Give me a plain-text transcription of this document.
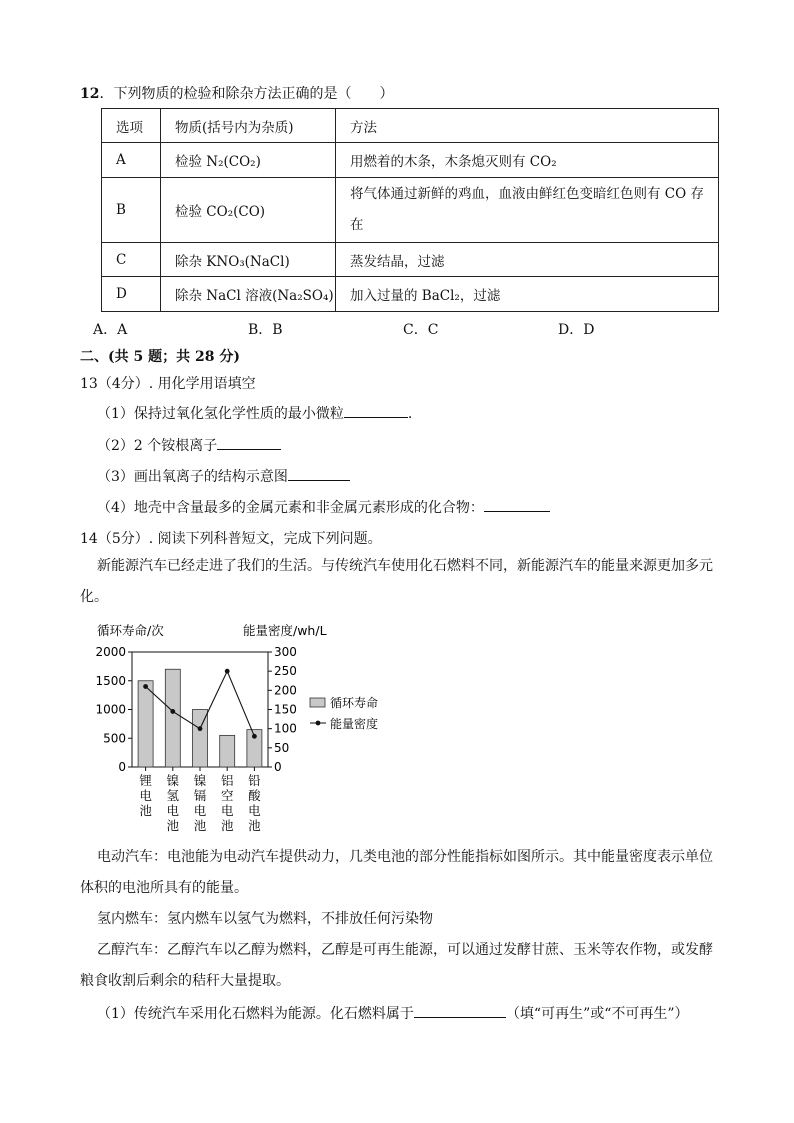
12．下列物质的检验和除杂方法正确的是（　　）
选项	物质(括号内为杂质)	方法
A	检验 N₂(CO₂)	用燃着的木条，木条熄灭则有 CO₂
B	检验 CO₂(CO)	将气体通过新鲜的鸡血，血液由鲜红色变暗红色则有 CO 存在
C	除杂 KNO₃(NaCl)	蒸发结晶，过滤
D	除杂 NaCl 溶液(Na₂SO₄)	加入过量的 BaCl₂，过滤
A．A	B．B	C．C	D．D
二、(共 5 题；共 28 分)
13（4分）. 用化学用语填空
（1）保持过氧化氢化学性质的最小微粒	.
（2）2 个铵根离子
（3）画出氧离子的结构示意图
（4）地壳中含量最多的金属元素和非金属元素形成的化合物：
14（5分）. 阅读下列科普短文，完成下列问题。
新能源汽车已经走进了我们的生活。与传统汽车使用化石燃料不同，新能源汽车的能量来源更加多元化。
循环寿命/次	能量密度/wh/L
0
500
1000
1500
2000
0
50
100
150
200
250
300
锂
电
池
镍
氢
电
池
镍
镉
电
池
铝
空
电
池
铅
酸
电
池
循环寿命
能量密度
电动汽车：电池能为电动汽车提供动力，几类电池的部分性能指标如图所示。其中能量密度表示单位体积的电池所具有的能量。
氢内燃车：氢内燃车以氢气为燃料，不排放任何污染物
乙醇汽车：乙醇汽车以乙醇为燃料，乙醇是可再生能源，可以通过发酵甘蔗、玉米等农作物，或发酵粮食收割后剩余的秸秆大量提取。
（1）传统汽车采用化石燃料为能源。化石燃料属于	（填“可再生”或“不可再生”）
